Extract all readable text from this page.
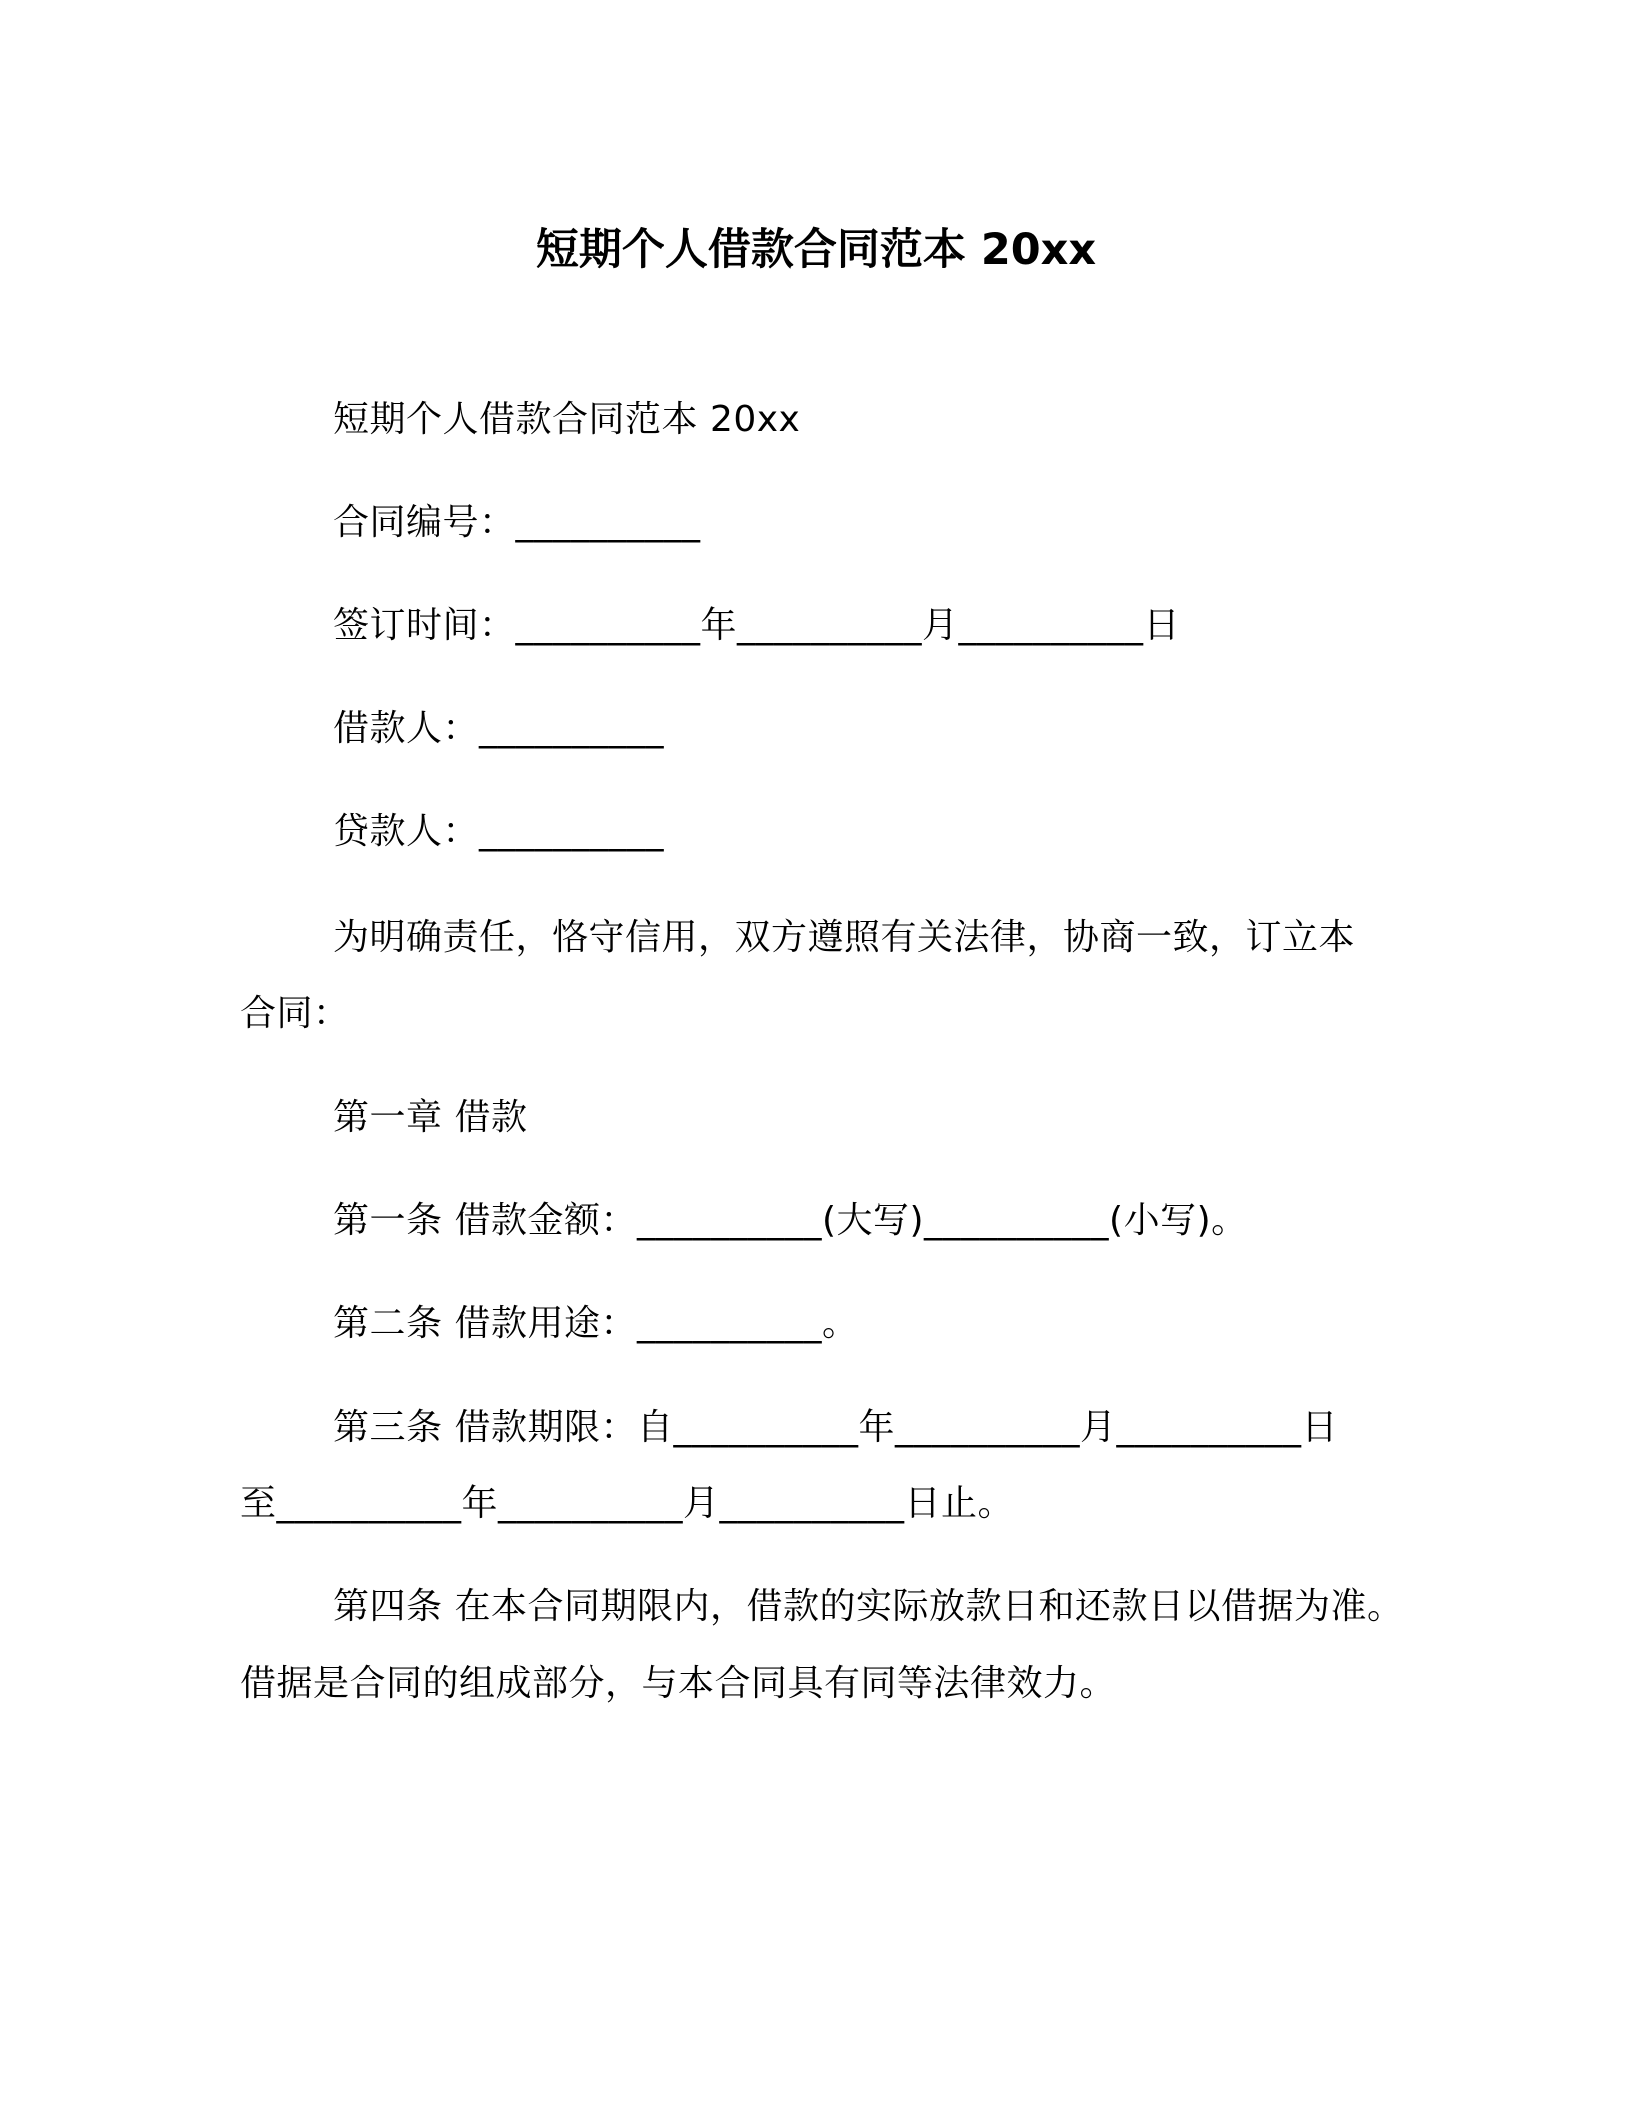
短期个人借款合同范本 20xx
短期个人借款合同范本 20xx
合同编号：__________
签订时间：__________年__________月__________日
借款人：__________
贷款人：__________
为明确责任，恪守信用，双方遵照有关法律，协商一致，订立本
合同：
第一章 借款
第一条 借款金额：__________(大写)__________(小写)。
第二条 借款用途：__________。
第三条 借款期限：自__________年__________月__________日
至__________年__________月__________日止。
第四条 在本合同期限内，借款的实际放款日和还款日以借据为准。
借据是合同的组成部分，与本合同具有同等法律效力。
